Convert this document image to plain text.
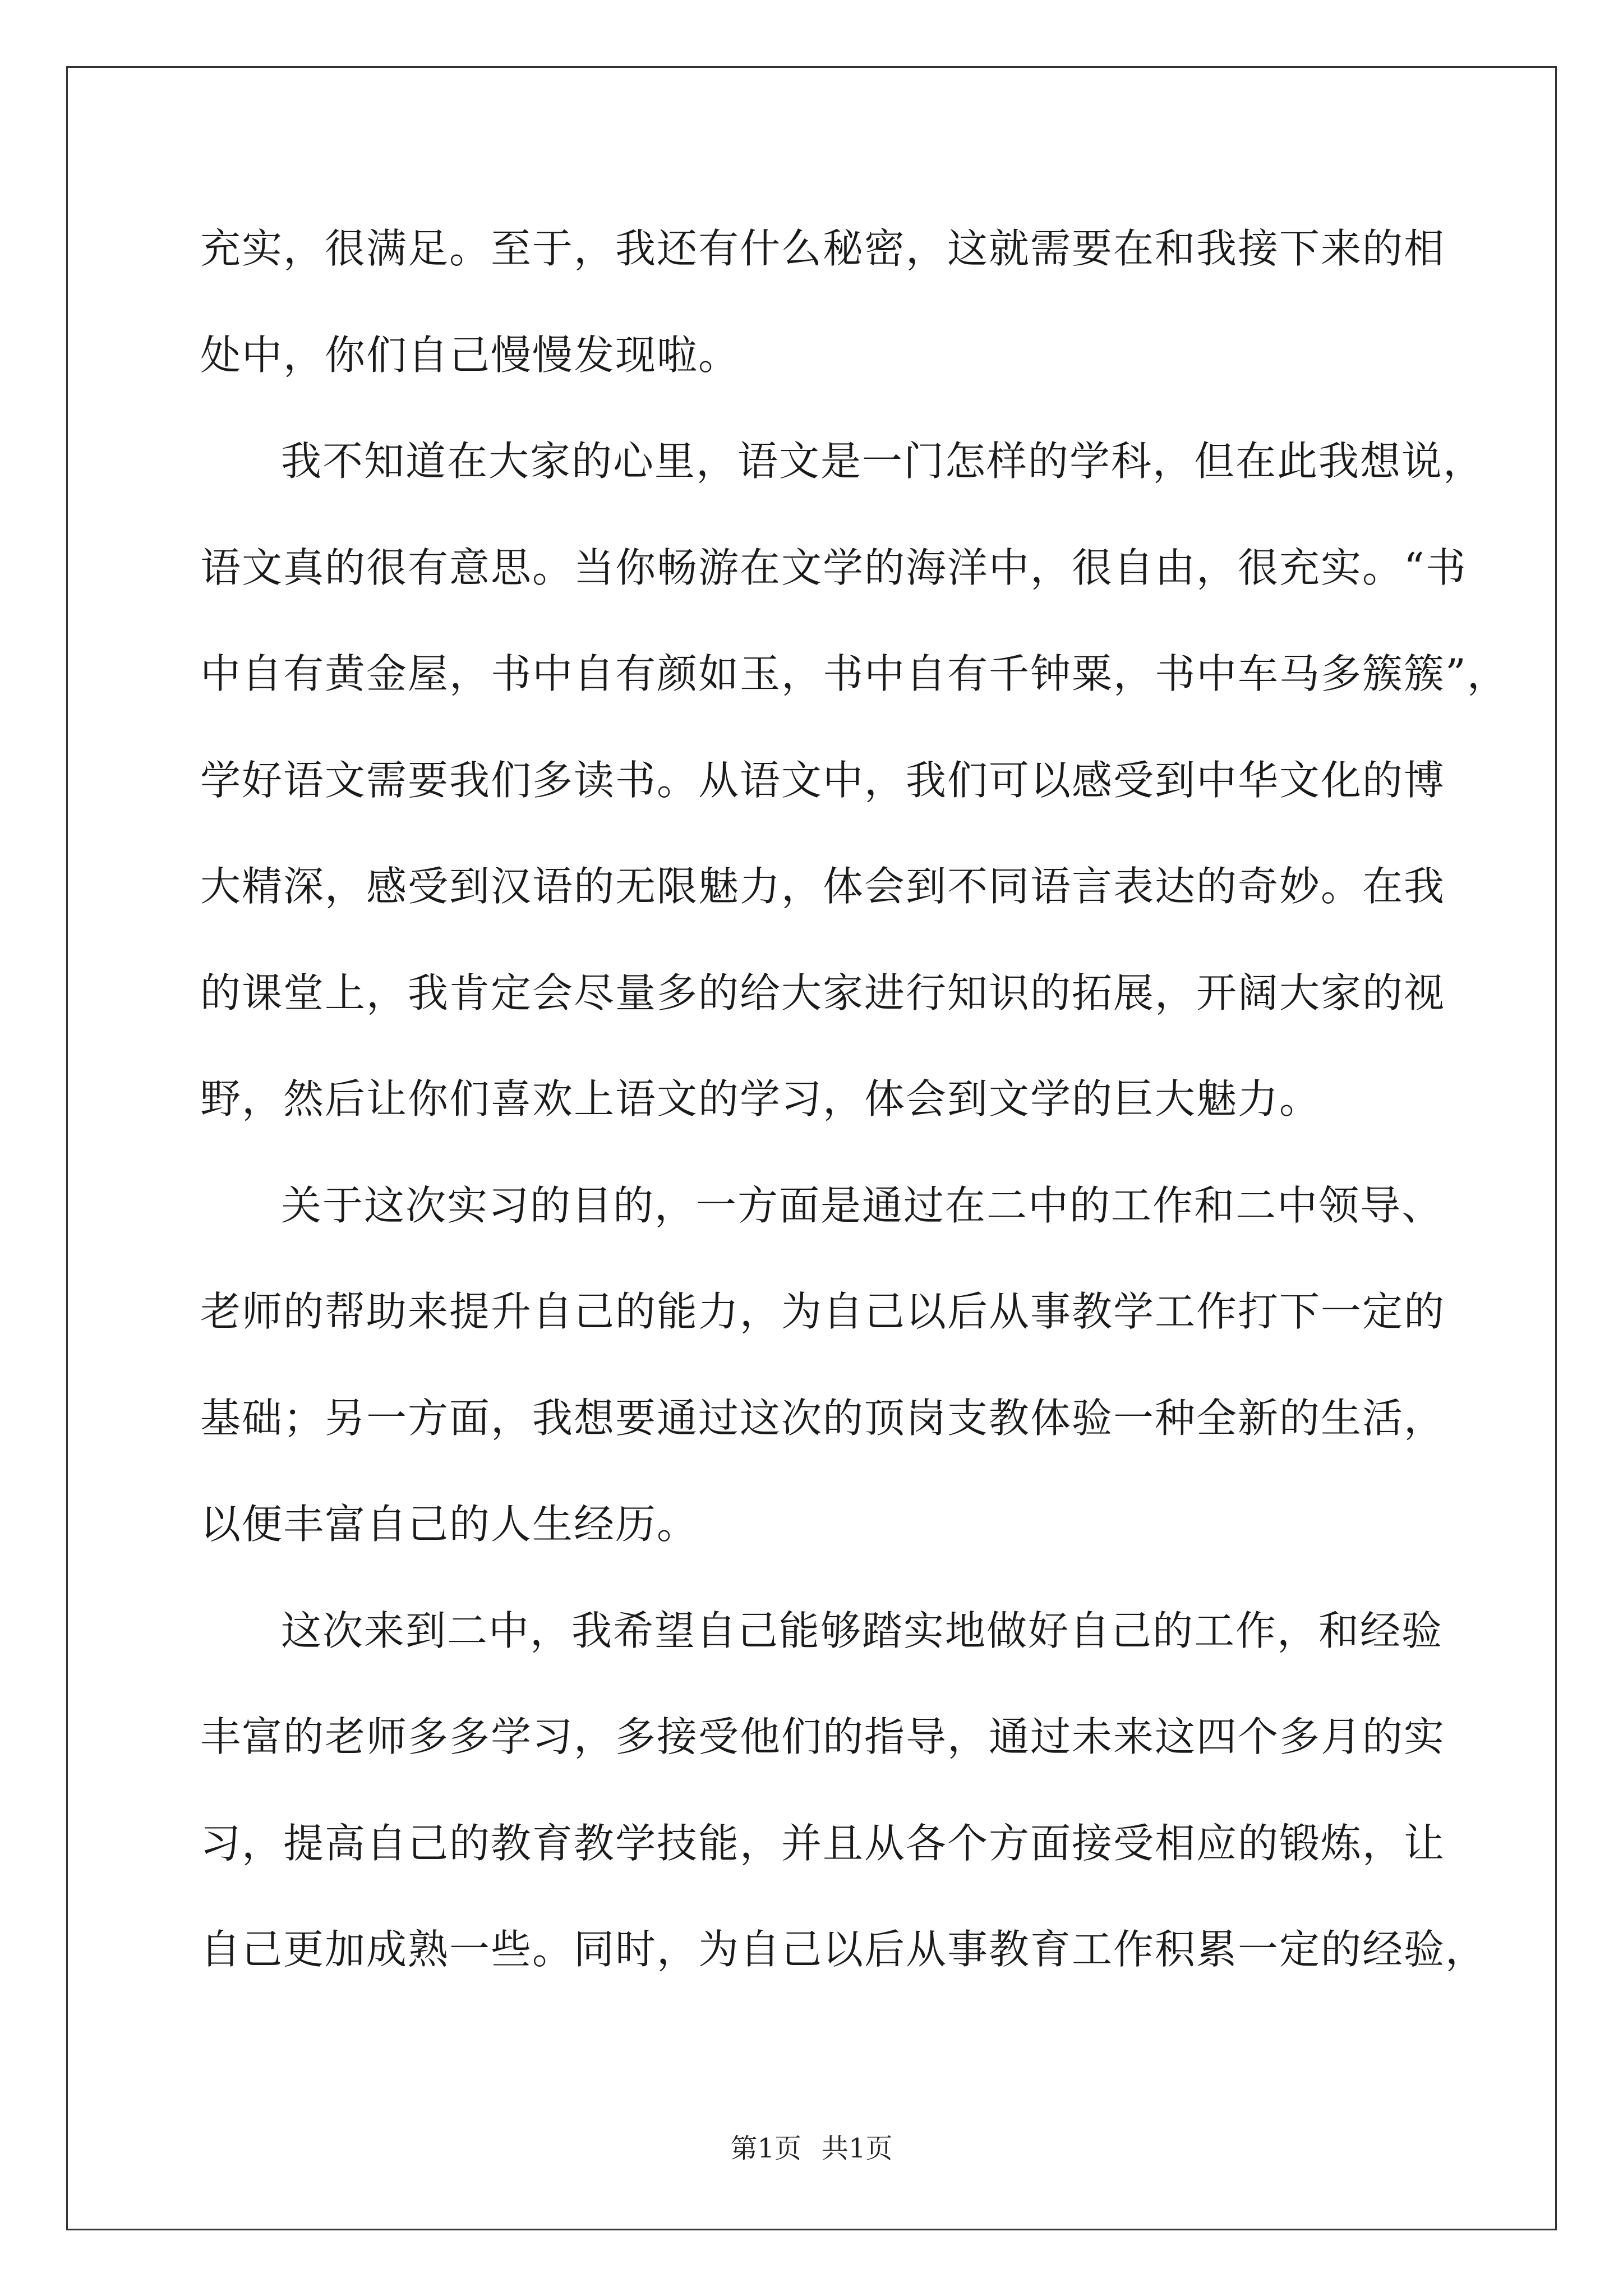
充实，很满足。至于，我还有什么秘密，这就需要在和我接下来的相
处中，你们自己慢慢发现啦。
我不知道在大家的心里，语文是一门怎样的学科，但在此我想说，
语文真的很有意思。当你畅游在文学的海洋中，很自由，很充实。“书
中自有黄金屋，书中自有颜如玉，书中自有千钟粟，书中车马多簇簇”，
学好语文需要我们多读书。从语文中，我们可以感受到中华文化的博
大精深，感受到汉语的无限魅力，体会到不同语言表达的奇妙。在我
的课堂上，我肯定会尽量多的给大家进行知识的拓展，开阔大家的视
野，然后让你们喜欢上语文的学习，体会到文学的巨大魅力。
关于这次实习的目的，一方面是通过在二中的工作和二中领导、
老师的帮助来提升自己的能力，为自己以后从事教学工作打下一定的
基础；另一方面，我想要通过这次的顶岗支教体验一种全新的生活，
以便丰富自己的人生经历。
这次来到二中，我希望自己能够踏实地做好自己的工作，和经验
丰富的老师多多学习，多接受他们的指导，通过未来这四个多月的实
习，提高自己的教育教学技能，并且从各个方面接受相应的锻炼，让
自己更加成熟一些。同时，为自己以后从事教育工作积累一定的经验，
第1页 共1页
